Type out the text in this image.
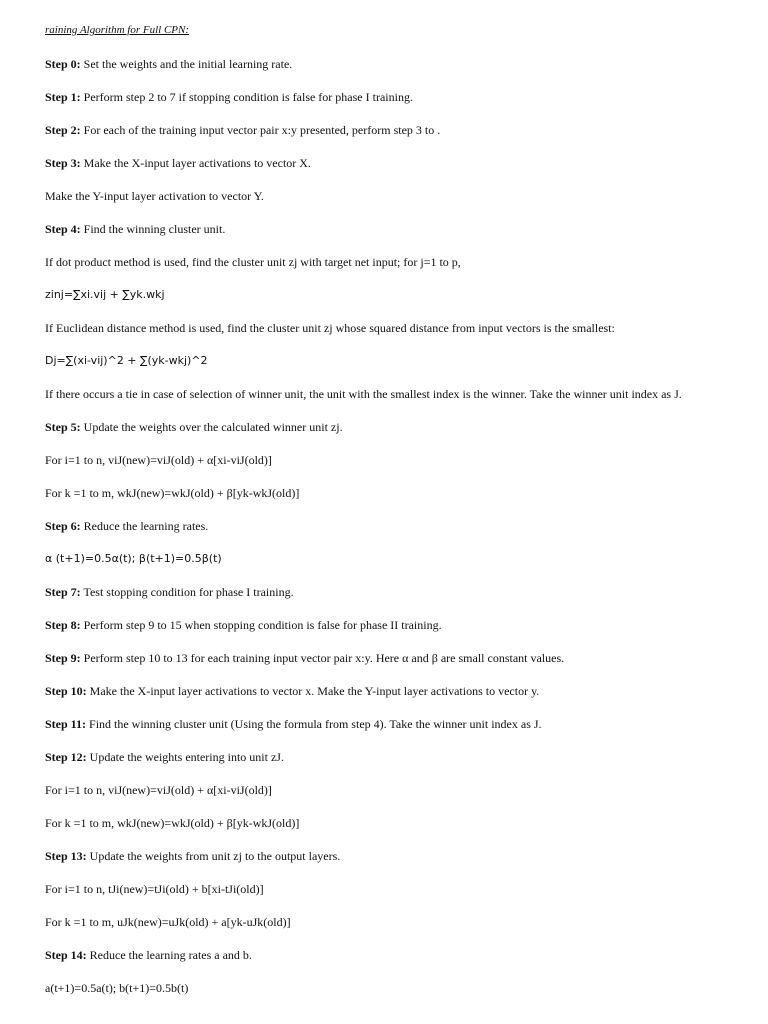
raining Algorithm for Full CPN:
Step 0: Set the weights and the initial learning rate.
Step 1: Perform step 2 to 7 if stopping condition is false for phase I training.
Step 2: For each of the training input vector pair x:y presented, perform step 3 to .
Step 3: Make the X-input layer activations to vector X.
Make the Y-input layer activation to vector Y.
Step 4: Find the winning cluster unit.
If dot product method is used, find the cluster unit zj with target net input; for j=1 to p,
zinj=∑xi.vij + ∑yk.wkj
If Euclidean distance method is used, find the cluster unit zj whose squared distance from input vectors is the smallest:
Dj=∑(xi-vij)^2 + ∑(yk-wkj)^2
If there occurs a tie in case of selection of winner unit, the unit with the smallest index is the winner. Take the winner unit index as J.
Step 5: Update the weights over the calculated winner unit zj.
For i=1 to n, viJ(new)=viJ(old) + α[xi-viJ(old)]
For k =1 to m, wkJ(new)=wkJ(old) + β[yk-wkJ(old)]
Step 6: Reduce the learning rates.
α (t+1)=0.5α(t); β(t+1)=0.5β(t)
Step 7: Test stopping condition for phase I training.
Step 8: Perform step 9 to 15 when stopping condition is false for phase II training.
Step 9: Perform step 10 to 13 for each training input vector pair x:y. Here α and β are small constant values.
Step 10: Make the X-input layer activations to vector x. Make the Y-input layer activations to vector y.
Step 11: Find the winning cluster unit (Using the formula from step 4). Take the winner unit index as J.
Step 12: Update the weights entering into unit zJ.
For i=1 to n, viJ(new)=viJ(old) + α[xi-viJ(old)]
For k =1 to m, wkJ(new)=wkJ(old) + β[yk-wkJ(old)]
Step 13: Update the weights from unit zj to the output layers.
For i=1 to n, tJi(new)=tJi(old) + b[xi-tJi(old)]
For k =1 to m, uJk(new)=uJk(old) + a[yk-uJk(old)]
Step 14: Reduce the learning rates a and b.
a(t+1)=0.5a(t); b(t+1)=0.5b(t)
